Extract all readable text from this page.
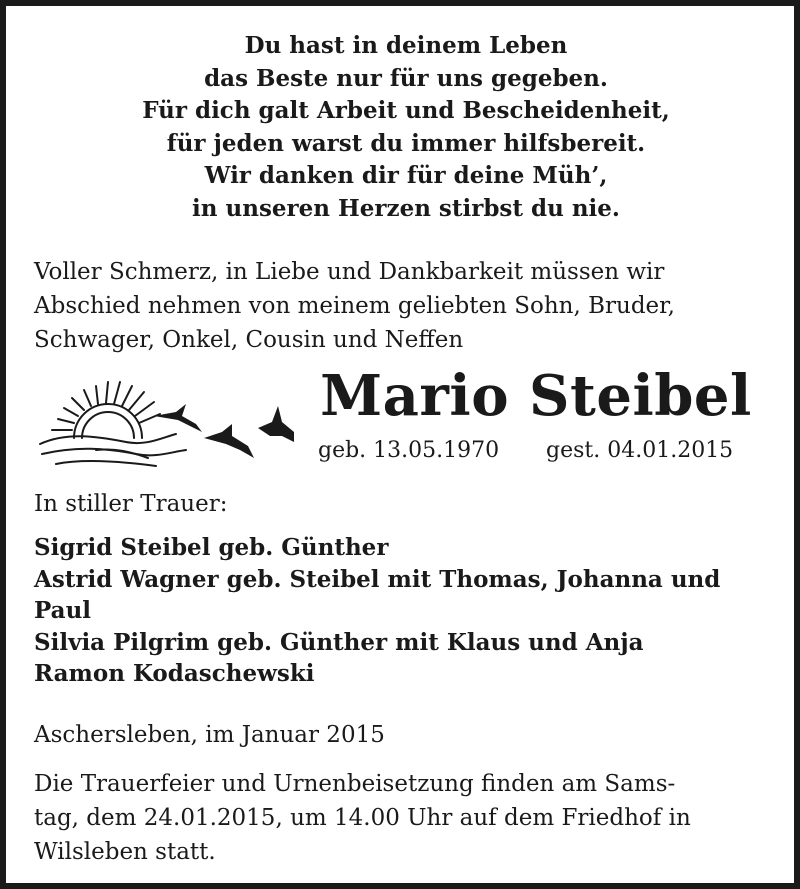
Du hast in deinem Leben
das Beste nur für uns gegeben.
Für dich galt Arbeit und Bescheidenheit,
für jeden warst du immer hilfsbereit.
Wir danken dir für deine Müh’,
in unseren Herzen stirbst du nie.
Voller Schmerz, in Liebe und Dankbarkeit müssen wir
Abschied nehmen von meinem geliebten Sohn, Bruder,
Schwager, Onkel, Cousin und Neffen
Mario Steibel
geb. 13.05.1970 gest. 04.01.2015
In stiller Trauer:
Sigrid Steibel geb. Günther
Astrid Wagner geb. Steibel mit Thomas, Johanna und
Paul
Silvia Pilgrim geb. Günther mit Klaus und Anja
Ramon Kodaschewski
Aschersleben, im Januar 2015
Die Trauerfeier und Urnenbeisetzung finden am Sams-
tag, dem 24.01.2015, um 14.00 Uhr auf dem Friedhof in
Wilsleben statt.
